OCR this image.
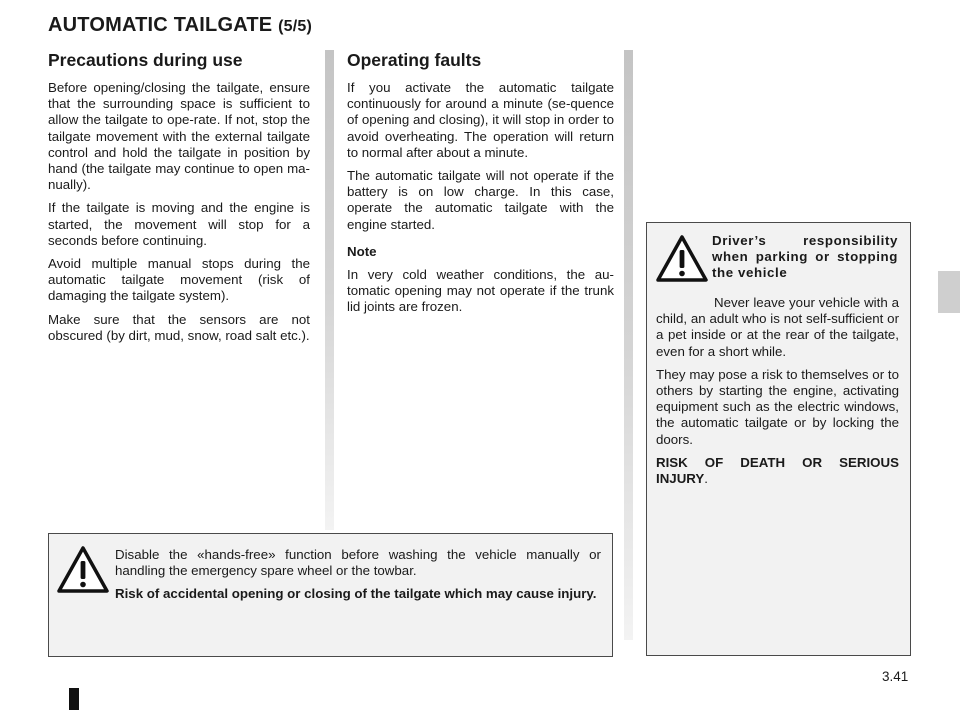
AUTOMATIC TAILGATE (5/5)
Precautions during use

Before opening/closing the tailgate, ensure that the surrounding space is sufficient to allow the tailgate to ope-rate. If not, stop the tailgate movement with the external tailgate control and hold the tailgate in position by hand (the tailgate may continue to open ma-nually).

If the tailgate is moving and the engine is started, the movement will stop for a seconds before continuing.

Avoid multiple manual stops during the automatic tailgate movement (risk of damaging the tailgate system).

Make sure that the sensors are not obscured (by dirt, mud, snow, road salt etc.).

Operating faults

If you activate the automatic tailgate continuously for around a minute (se-quence of opening and closing), it will stop in order to avoid overheating. The operation will return to normal after about a minute.

The automatic tailgate will not operate if the battery is on low charge. In this case, operate the automatic tailgate with the engine started.

Note

In very cold weather conditions, the au-tomatic opening may not operate if the trunk lid joints are frozen.

Disable the «hands-free» function before washing the vehicle manually or handling the emergency spare wheel or the towbar.

Risk of accidental opening or closing of the tailgate which may cause injury.

Driver’s responsibility when parking or stopping the vehicle

Never leave your vehicle with a child, an adult who is not self-sufficient or a pet inside or at the rear of the tailgate, even for a short while.

They may pose a risk to themselves or to others by starting the engine, activating equipment such as the electric windows, the automatic tailgate or by locking the doors.

RISK OF DEATH OR SERIOUS INJURY.

3.41
